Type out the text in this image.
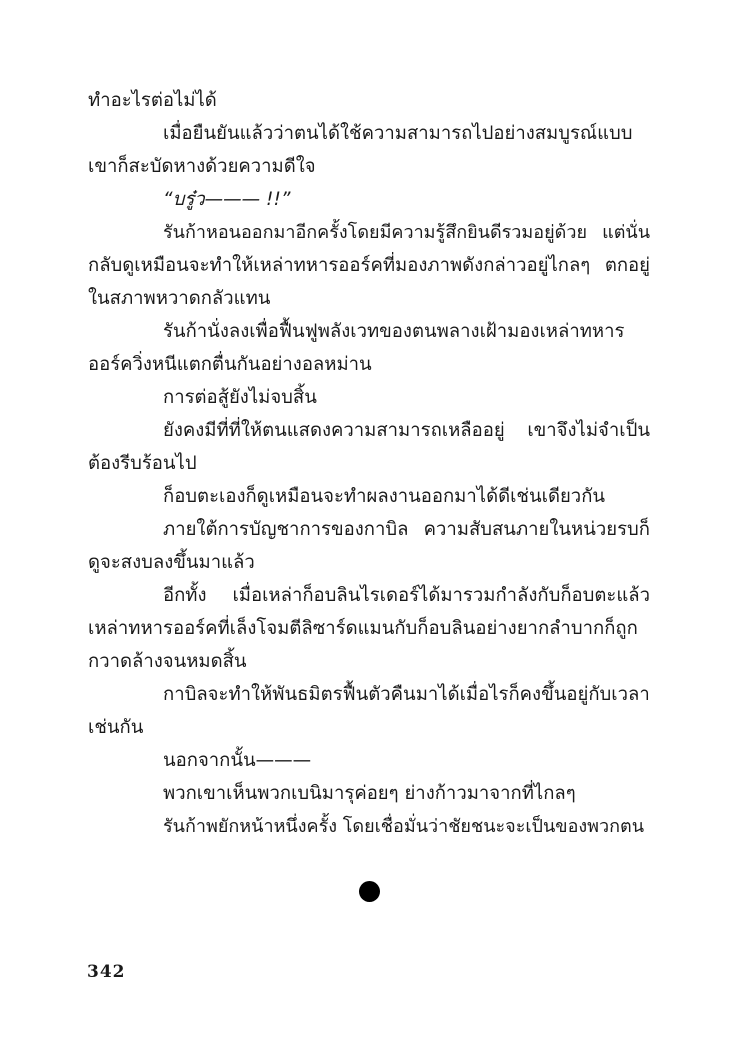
ทำอะไรต่อไม่ได้
เมื่อยืนยันแล้วว่าตนได้ใช้ความสามารถไปอย่างสมบูรณ์แบบ
เขาก็สะบัดหางด้วยความดีใจ
“บรู๋ว——— !!”
รันก้าหอนออกมาอีกครั้งโดยมีความรู้สึกยินดีรวมอยู่ด้วย แต่นั่น
กลับดูเหมือนจะทำให้เหล่าทหารออร์คที่มองภาพดังกล่าวอยู่ไกลๆ ตกอยู่
ในสภาพหวาดกลัวแทน
รันก้านั่งลงเพื่อฟื้นฟูพลังเวทของตนพลางเฝ้ามองเหล่าทหาร
ออร์ควิ่งหนีแตกตื่นกันอย่างอลหม่าน
การต่อสู้ยังไม่จบสิ้น
ยังคงมีที่ที่ให้ตนแสดงความสามารถเหลืออยู่ เขาจึงไม่จำเป็น
ต้องรีบร้อนไป
ก็อบตะเองก็ดูเหมือนจะทำผลงานออกมาได้ดีเช่นเดียวกัน
ภายใต้การบัญชาการของกาบิล ความสับสนภายในหน่วยรบก็
ดูจะสงบลงขึ้นมาแล้ว
อีกทั้ง เมื่อเหล่าก็อบลินไรเดอร์ได้มารวมกำลังกับก็อบตะแล้ว
เหล่าทหารออร์คที่เล็งโจมตีลิซาร์ดแมนกับก็อบลินอย่างยากลำบากก็ถูก
กวาดล้างจนหมดสิ้น
กาบิลจะทำให้พันธมิตรฟื้นตัวคืนมาได้เมื่อไรก็คงขึ้นอยู่กับเวลา
เช่นกัน
นอกจากนั้น———
พวกเขาเห็นพวกเบนิมารุค่อยๆ ย่างก้าวมาจากที่ไกลๆ
รันก้าพยักหน้าหนึ่งครั้ง โดยเชื่อมั่นว่าชัยชนะจะเป็นของพวกตน
342
